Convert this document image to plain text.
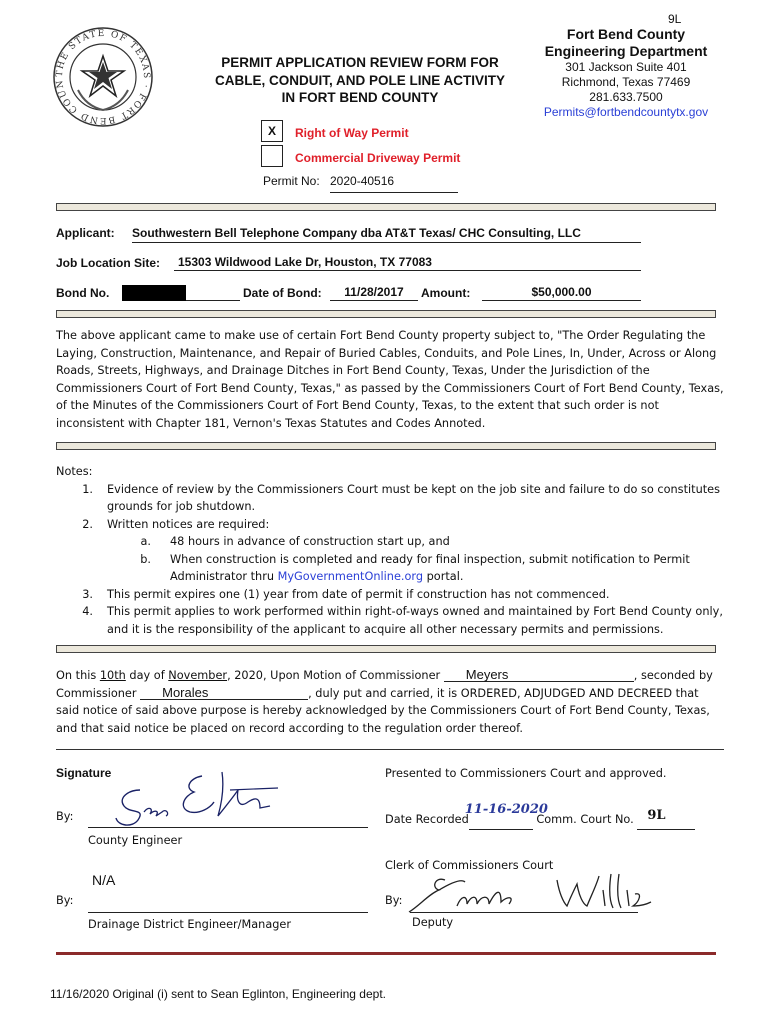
9L
THE STATE OF TEXAS · FORT BEND COUN
PERMIT APPLICATION REVIEW FORM FOR
CABLE, CONDUIT, AND POLE LINE ACTIVITY
IN FORT BEND COUNTY
Fort Bend County
Engineering Department
301 Jackson Suite 401
Richmond, Texas 77469
281.633.7500
Permits@fortbendcountytx.gov
X	Right of Way Permit
Commercial Driveway Permit
Permit No: 2020-40516
Applicant: Southwestern Bell Telephone Company dba AT&T Texas/ CHC Consulting, LLC
Job Location Site:	15303 Wildwood Lake Dr, Houston, TX 77083
Bond No.	Date of Bond:	11/28/2017	Amount:	$50,000.00
The above applicant came to make use of certain Fort Bend County property subject to, "The Order Regulating the Laying, Construction, Maintenance, and Repair of Buried Cables, Conduits, and Pole Lines, In, Under, Across or Along Roads, Streets, Highways, and Drainage Ditches in Fort Bend County, Texas, Under the Jurisdiction of the Commissioners Court of Fort Bend County, Texas," as passed by the Commissioners Court of Fort Bend County, Texas, of the Minutes of the Commissioners Court of Fort Bend County, Texas, to the extent that such order is not inconsistent with Chapter 181, Vernon's Texas Statutes and Codes Annoted.
Notes:
1. Evidence of review by the Commissioners Court must be kept on the job site and failure to do so constitutes grounds for job shutdown.
2. Written notices are required:
a. 48 hours in advance of construction start up, and
b. When construction is completed and ready for final inspection, submit notification to Permit Administrator thru MyGovernmentOnline.org portal.
3. This permit expires one (1) year from date of permit if construction has not commenced.
4. This permit applies to work performed within right-of-ways owned and maintained by Fort Bend County only, and it is the responsibility of the applicant to acquire all other necessary permits and permissions.
On this 10th day of November, 2020, Upon Motion of Commissioner Meyers	, seconded by
Commissioner Morales	, duly put and carried, it is ORDERED, ADJUDGED AND DECREED that
said notice of said above purpose is hereby acknowledged by the Commissioners Court of Fort Bend County, Texas,
and that said notice be placed on record according to the regulation order thereof.
Signature
By:
County Engineer
N/A
By:
Drainage District Engineer/Manager
Presented to Commissioners Court and approved.
Date Recorded
11-16-2020
Comm. Court No. 9L

Clerk of Commissioners Court
By:
Deputy
11/16/2020 Original (i) sent to Sean Eglinton, Engineering dept.
